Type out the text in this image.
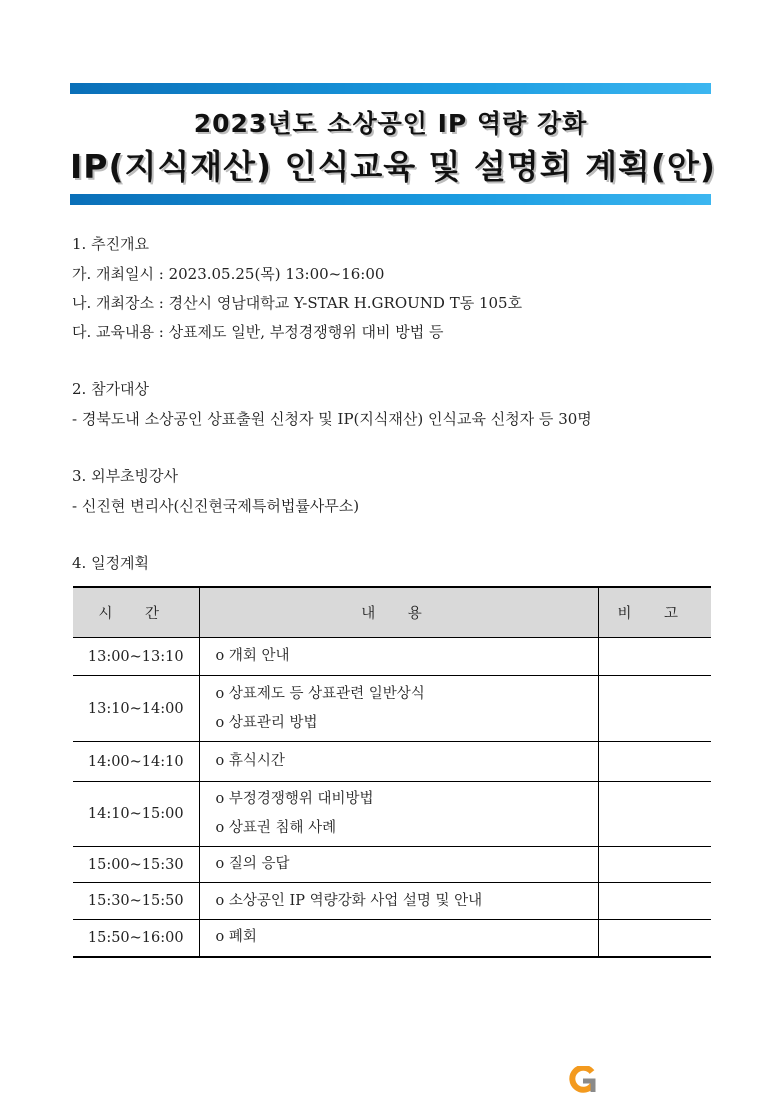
2023년도 소상공인 IP 역량 강화
IP(지식재산) 인식교육 및 설명회 계획(안)
1. 추진개요
가. 개최일시 : 2023.05.25(목) 13:00~16:00
나. 개최장소 : 경산시 영남대학교 Y-STAR H.GROUND T동 105호
다. 교육내용 : 상표제도 일반, 부정경쟁행위 대비 방법 등
2. 참가대상
- 경북도내 소상공인 상표출원 신청자 및 IP(지식재산) 인식교육 신청자 등 30명
3. 외부초빙강사
- 신진현 변리사(신진현국제특허법률사무소)
4. 일정계획
시 간	내 용	비 고
13:00~13:10	o 개회 안내	

13:10~14:00	o 상표제도 등 상표관련 일반상식
o 상표관리 방법	

14:00~14:10	o 휴식시간	

14:10~15:00	o 부정경쟁행위 대비방법
o 상표권 침해 사례	

15:00~15:30	o 질의 응답	

15:30~15:50	o 소상공인 IP 역량강화 사업 설명 및 안내	

15:50~16:00	o 폐회	
